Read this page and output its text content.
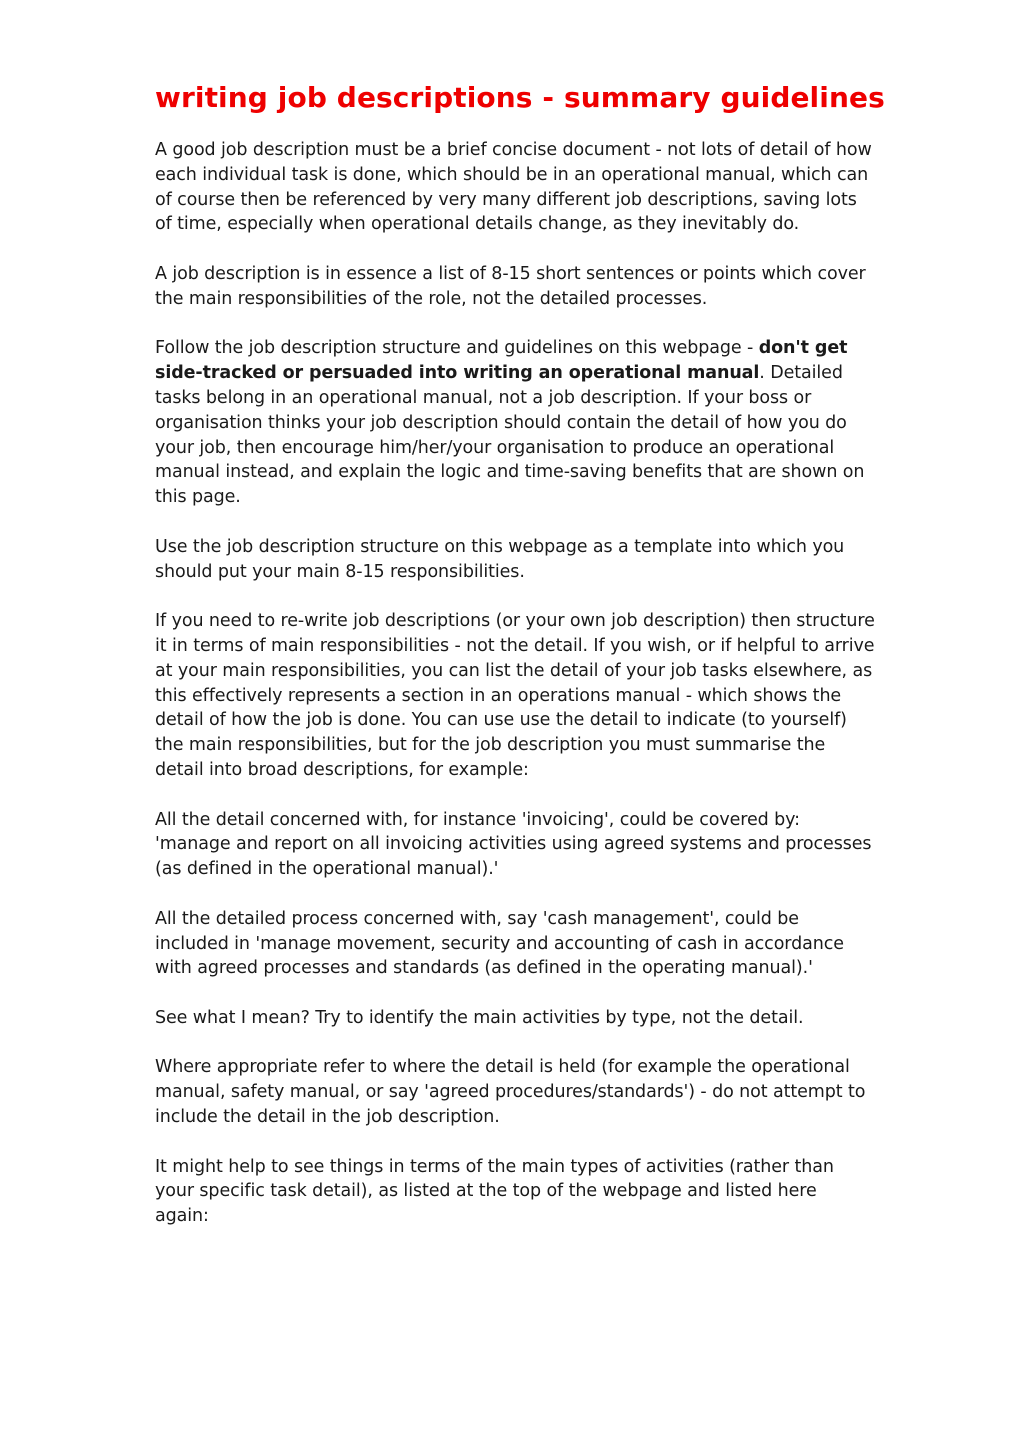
writing job descriptions - summary guidelines

A good job description must be a brief concise document - not lots of detail of how each individual task is done, which should be in an operational manual, which can of course then be referenced by very many different job descriptions, saving lots of time, especially when operational details change, as they inevitably do.

A job description is in essence a list of 8-15 short sentences or points which cover the main responsibilities of the role, not the detailed processes.

Follow the job description structure and guidelines on this webpage - don't get side-tracked or persuaded into writing an operational manual. Detailed tasks belong in an operational manual, not a job description. If your boss or organisation thinks your job description should contain the detail of how you do your job, then encourage him/her/your organisation to produce an operational manual instead, and explain the logic and time-saving benefits that are shown on this page.

Use the job description structure on this webpage as a template into which you should put your main 8-15 responsibilities.

If you need to re-write job descriptions (or your own job description) then structure it in terms of main responsibilities - not the detail. If you wish, or if helpful to arrive at your main responsibilities, you can list the detail of your job tasks elsewhere, as this effectively represents a section in an operations manual - which shows the detail of how the job is done. You can use use the detail to indicate (to yourself) the main responsibilities, but for the job description you must summarise the detail into broad descriptions, for example:

All the detail concerned with, for instance 'invoicing', could be covered by: 'manage and report on all invoicing activities using agreed systems and processes (as defined in the operational manual).'

All the detailed process concerned with, say 'cash management', could be included in 'manage movement, security and accounting of cash in accordance with agreed processes and standards (as defined in the operating manual).'

See what I mean? Try to identify the main activities by type, not the detail.

Where appropriate refer to where the detail is held (for example the operational manual, safety manual, or say 'agreed procedures/standards') - do not attempt to include the detail in the job description.

It might help to see things in terms of the main types of activities (rather than your specific task detail), as listed at the top of the webpage and listed here again:
